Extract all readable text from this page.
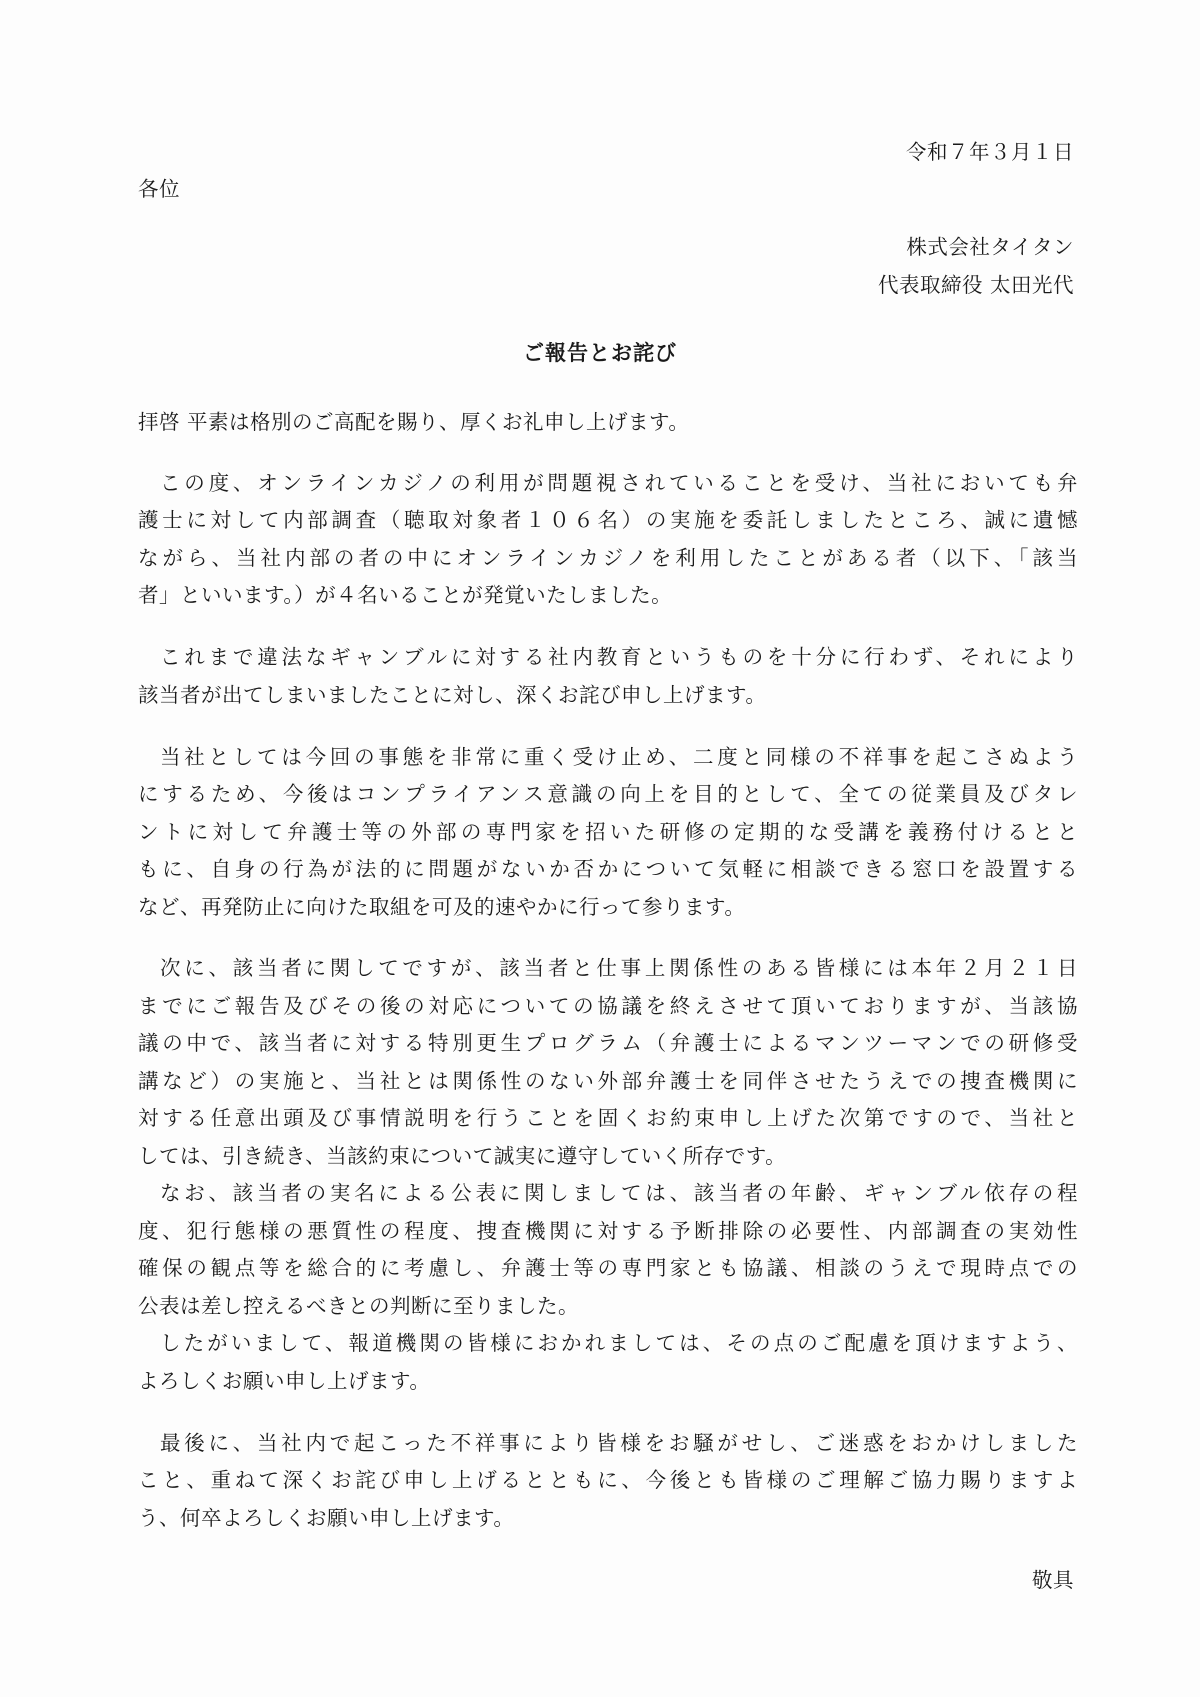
令和７年３月１日
各位
株式会社タイタン
代表取締役 太田光代
ご報告とお詫び
拝啓 平素は格別のご高配を賜り、厚くお礼申し上げます。
この度、オンラインカジノの利用が問題視されていることを受け、当社においても弁
護士に対して内部調査（聴取対象者１０６名）の実施を委託しましたところ、誠に遺憾
ながら、当社内部の者の中にオンラインカジノを利用したことがある者（以下、「該当
者」といいます。）が４名いることが発覚いたしました。
これまで違法なギャンブルに対する社内教育というものを十分に行わず、それにより
該当者が出てしまいましたことに対し、深くお詫び申し上げます。
当社としては今回の事態を非常に重く受け止め、二度と同様の不祥事を起こさぬよう
にするため、今後はコンプライアンス意識の向上を目的として、全ての従業員及びタレ
ントに対して弁護士等の外部の専門家を招いた研修の定期的な受講を義務付けるとと
もに、自身の行為が法的に問題がないか否かについて気軽に相談できる窓口を設置する
など、再発防止に向けた取組を可及的速やかに行って参ります。
次に、該当者に関してですが、該当者と仕事上関係性のある皆様には本年２月２１日
までにご報告及びその後の対応についての協議を終えさせて頂いておりますが、当該協
議の中で、該当者に対する特別更生プログラム（弁護士によるマンツーマンでの研修受
講など）の実施と、当社とは関係性のない外部弁護士を同伴させたうえでの捜査機関に
対する任意出頭及び事情説明を行うことを固くお約束申し上げた次第ですので、当社と
しては、引き続き、当該約束について誠実に遵守していく所存です。
なお、該当者の実名による公表に関しましては、該当者の年齢、ギャンブル依存の程
度、犯行態様の悪質性の程度、捜査機関に対する予断排除の必要性、内部調査の実効性
確保の観点等を総合的に考慮し、弁護士等の専門家とも協議、相談のうえで現時点での
公表は差し控えるべきとの判断に至りました。
したがいまして、報道機関の皆様におかれましては、その点のご配慮を頂けますよう、
よろしくお願い申し上げます。
最後に、当社内で起こった不祥事により皆様をお騒がせし、ご迷惑をおかけしました
こと、重ねて深くお詫び申し上げるとともに、今後とも皆様のご理解ご協力賜りますよ
う、何卒よろしくお願い申し上げます。
敬具
